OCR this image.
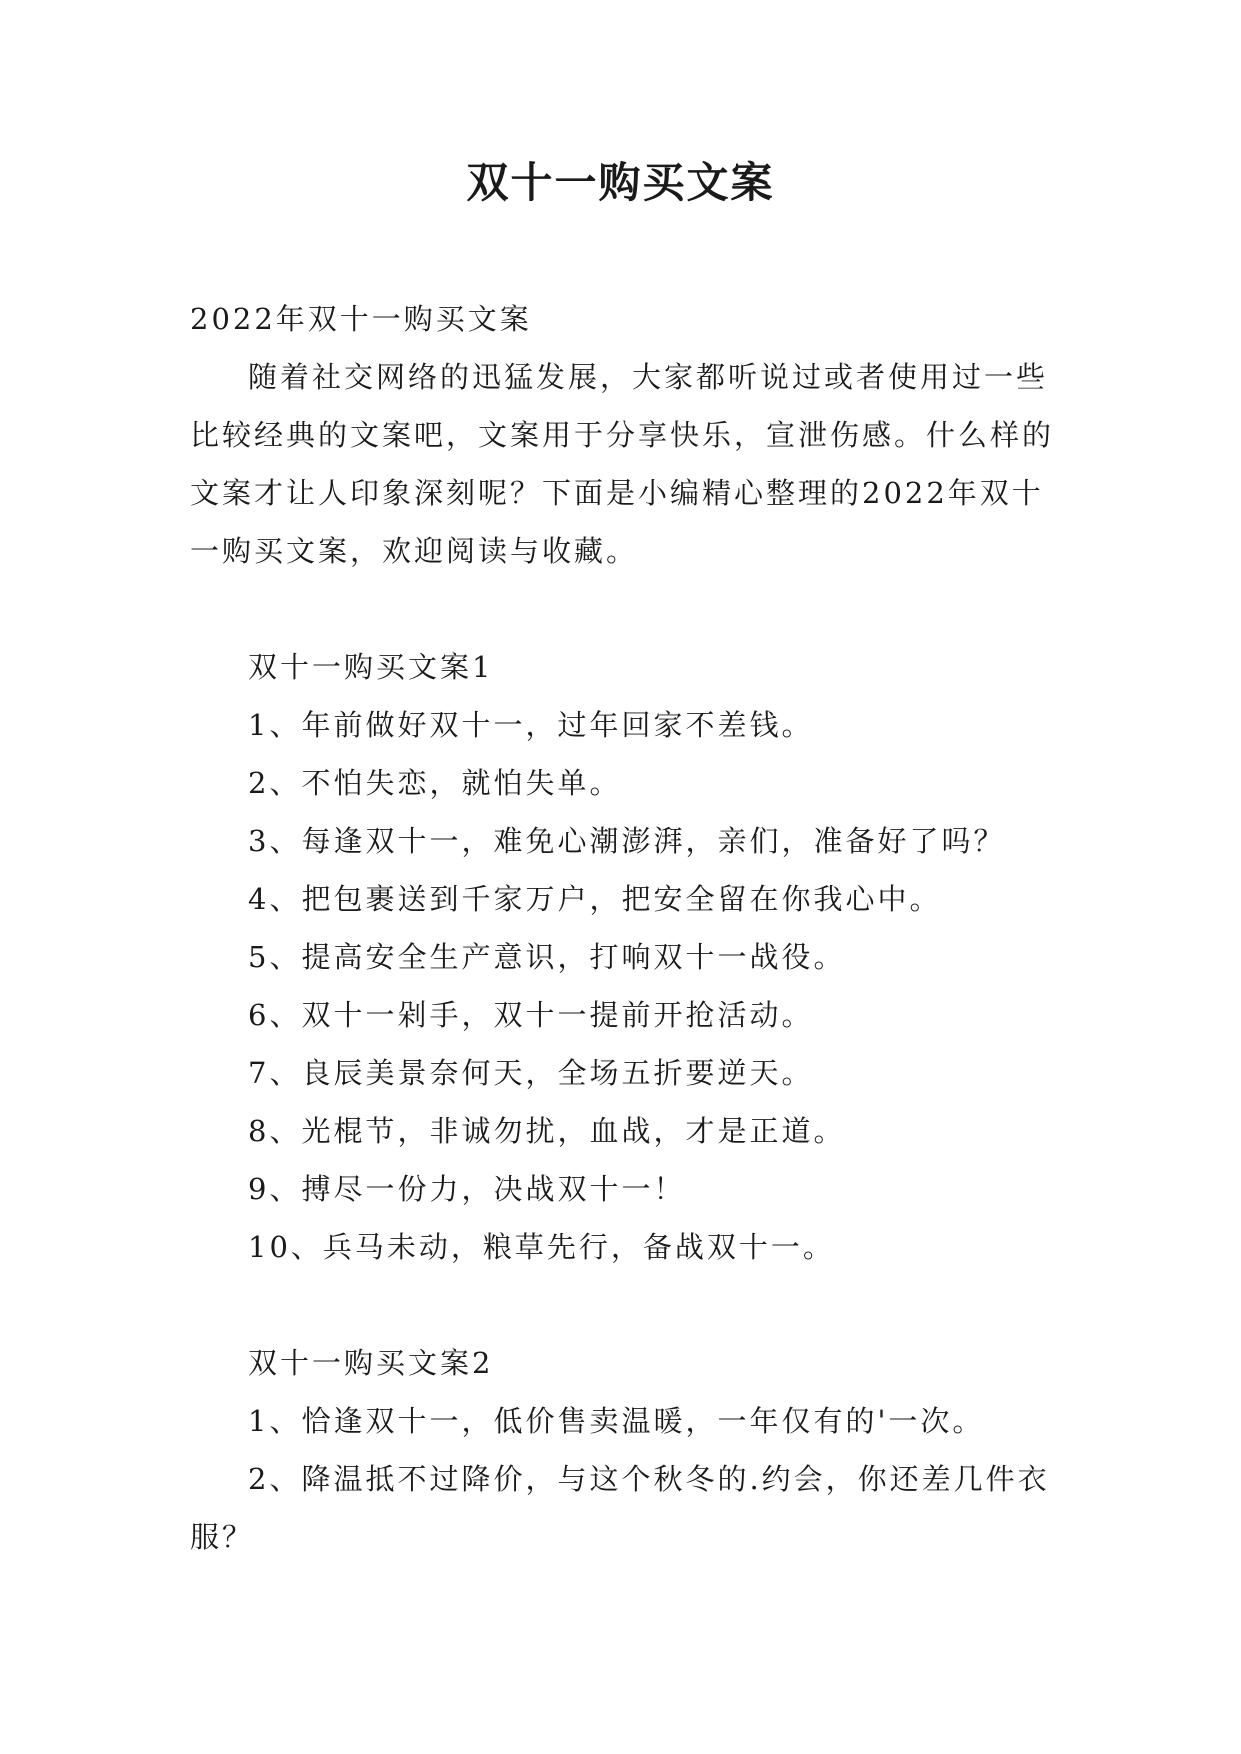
双十一购买文案

2022年双十一购买文案

随着社交网络的迅猛发展，大家都听说过或者使用过一些比较经典的文案吧，文案用于分享快乐，宣泄伤感。什么样的文案才让人印象深刻呢？下面是小编精心整理的2022年双十一购买文案，欢迎阅读与收藏。

双十一购买文案1

1、年前做好双十一，过年回家不差钱。
2、不怕失恋，就怕失单。
3、每逢双十一，难免心潮澎湃，亲们，准备好了吗？
4、把包裹送到千家万户，把安全留在你我心中。
5、提高安全生产意识，打响双十一战役。
6、双十一剁手，双十一提前开抢活动。
7、良辰美景奈何天，全场五折要逆天。
8、光棍节，非诚勿扰，血战，才是正道。
9、搏尽一份力，决战双十一！
10、兵马未动，粮草先行，备战双十一。

双十一购买文案2

1、恰逢双十一，低价售卖温暖，一年仅有的'一次。
2、降温抵不过降价，与这个秋冬的.约会，你还差几件衣服？
